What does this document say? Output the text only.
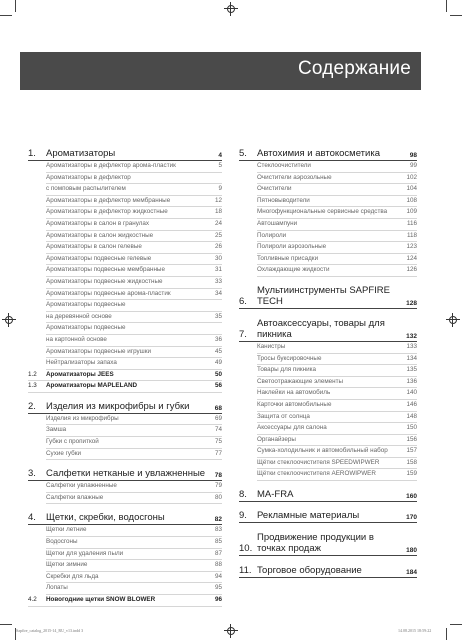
Содержание
1.	Ароматизаторы	4
Ароматизаторы в дефлектор арома-пластик	5
Ароматизаторы в дефлектор
с помповым распылителем	9
Ароматизаторы в дефлектор мембранные	12
Ароматизаторы в дефлектор жидкостные	18
Ароматизаторы в салон в гранулах	24
Ароматизаторы в салон жидкостные	25
Ароматизаторы в салон гелевые	26
Ароматизаторы подвесные гелевые	30
Ароматизаторы подвесные мембранные	31
Ароматизаторы подвесные жидкостные	33
Ароматизаторы подвесные арома-пластик	34
Ароматизаторы подвесные
на деревянной основе	35
Ароматизаторы подвесные
на картонной основе	36
Ароматизаторы подвесные игрушки	45
Нейтрализаторы запаха	49
1.2	Ароматизаторы JEES	50
1.3	Ароматизаторы MAPLELAND	56
2.	Изделия из микрофибры и губки	68
Изделия из микрофибры	69
Замша	74
Губки с пропиткой	75
Сухие губки	77
3.	Салфетки нетканые и увлажненные	78
Салфетки увлажненные	79
Салфетки влажные	80
4.	Щетки, скребки, водосгоны	82
Щетки летние	83
Водосгоны	85
Щетки для удаления пыли	87
Щетки зимние	88
Скребки для льда	94
Лопаты	95
4.2	Новогодние щетки SNOW BLOWER	96
5.	Автохимия и автокосметика	98
Стеклоочистители	99
Очистители аэрозольные	102
Очистители	104
Пятновыводители	108
Многофункциональные сервисные средства	109
Автошампуни	116
Полироли	118
Полироли аэрозольные	123
Топливные присадки	124
Охлаждающие жидкости	126
6.
Мультиинструменты SAPFIRE TECH	128
7.
Автоаксессуары, товары для пикника	132
Канистры	133
Тросы буксировочные	134
Товары для пикника	135
Светоотражающие элементы	136
Наклейки на автомобиль	140
Карточки автомобильные	146
Защита от солнца	148
Аксессуары для салона	150
Органайзеры	156
Сумка-холодильник и автомобильный набор	157
Щётки стеклоочистителя SPEEDWIPWER	158
Щётки стеклоочистителя AEROWIPWER	159
8.	MA-FRA	160
9.	Рекламные материалы	170
10.
Продвижение продукции в точках продаж	180
11. Торговое оборудование	184
Sapfire_catalog_2015-14_RU_v13.indd 3	14.08.2015 18:59:22
